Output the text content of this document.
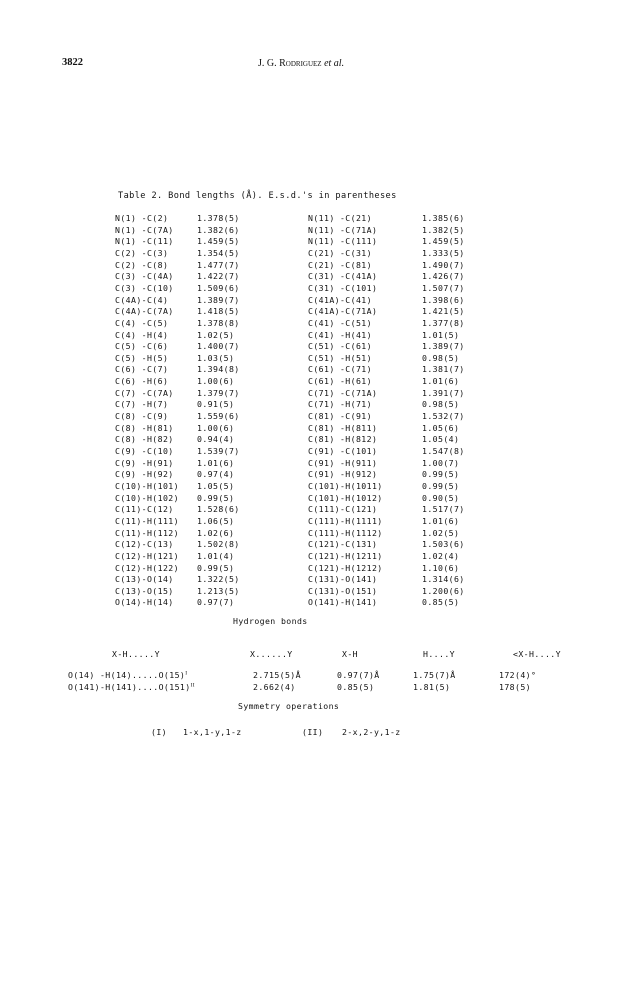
3822	J. G. Rodriguez et al.
Table 2. Bond lengths (Å). E.s.d.'s in parentheses
N(1) -C(2)	1.378(5)	N(11) -C(21)	1.385(6)
N(1) -C(7A)	1.382(6)	N(11) -C(71A)	1.382(5)
N(1) -C(11)	1.459(5)	N(11) -C(111)	1.459(5)
C(2) -C(3)	1.354(5)	C(21) -C(31)	1.333(5)
C(2) -C(8)	1.477(7)	C(21) -C(81)	1.490(7)
C(3) -C(4A)	1.422(7)	C(31) -C(41A)	1.426(7)
C(3) -C(10)	1.509(6)	C(31) -C(101)	1.507(7)
C(4A)-C(4)	1.389(7)	C(41A)-C(41)	1.398(6)
C(4A)-C(7A)	1.418(5)	C(41A)-C(71A)	1.421(5)
C(4) -C(5)	1.378(8)	C(41) -C(51)	1.377(8)
C(4) -H(4)	1.02(5)	C(41) -H(41)	1.01(5)
C(5) -C(6)	1.400(7)	C(51) -C(61)	1.389(7)
C(5) -H(5)	1.03(5)	C(51) -H(51)	0.98(5)
C(6) -C(7)	1.394(8)	C(61) -C(71)	1.381(7)
C(6) -H(6)	1.00(6)	C(61) -H(61)	1.01(6)
C(7) -C(7A)	1.379(7)	C(71) -C(71A)	1.391(7)
C(7) -H(7)	0.91(5)	C(71) -H(71)	0.98(5)
C(8) -C(9)	1.559(6)	C(81) -C(91)	1.532(7)
C(8) -H(81)	1.00(6)	C(81) -H(811)	1.05(6)
C(8) -H(82)	0.94(4)	C(81) -H(812)	1.05(4)
C(9) -C(10)	1.539(7)	C(91) -C(101)	1.547(8)
C(9) -H(91)	1.01(6)	C(91) -H(911)	1.00(7)
C(9) -H(92)	0.97(4)	C(91) -H(912)	0.99(5)
C(10)-H(101) 1.05(5)	C(101)-H(1011)	0.99(5)
C(10)-H(102) 0.99(5)	C(101)-H(1012)	0.90(5)
C(11)-C(12)	1.528(6)	C(111)-C(121)	1.517(7)
C(11)-H(111) 1.06(5)	C(111)-H(1111)	1.01(6)
C(11)-H(112) 1.02(6)	C(111)-H(1112)	1.02(5)
C(12)-C(13)	1.502(8)	C(121)-C(131)	1.503(6)
C(12)-H(121) 1.01(4)	C(121)-H(1211)	1.02(4)
C(12)-H(122) 0.99(5)	C(121)-H(1212)	1.10(6)
C(13)-O(14)	1.322(5)	C(131)-O(141)	1.314(6)
C(13)-O(15)	1.213(5)	C(131)-O(151)	1.200(6)
O(14)-H(14)	0.97(7)	O(141)-H(141)	0.85(5)
Hydrogen bonds
X-H.....Y	X......Y	X-H	H....Y	<X-H....Y
O(14) $-H(14).....O(15)^I$	2.715(5)Å	0.97(7)Å	1.75(7)Å	172(4)°
$O(141)-H(141)....O(151)^{II}$	2.662(4)	0.85(5)	1.81(5)	178(5)
Symmetry operations
(I) 1-x,1-y,1-z	(II) 2-x,2-y,1-z
